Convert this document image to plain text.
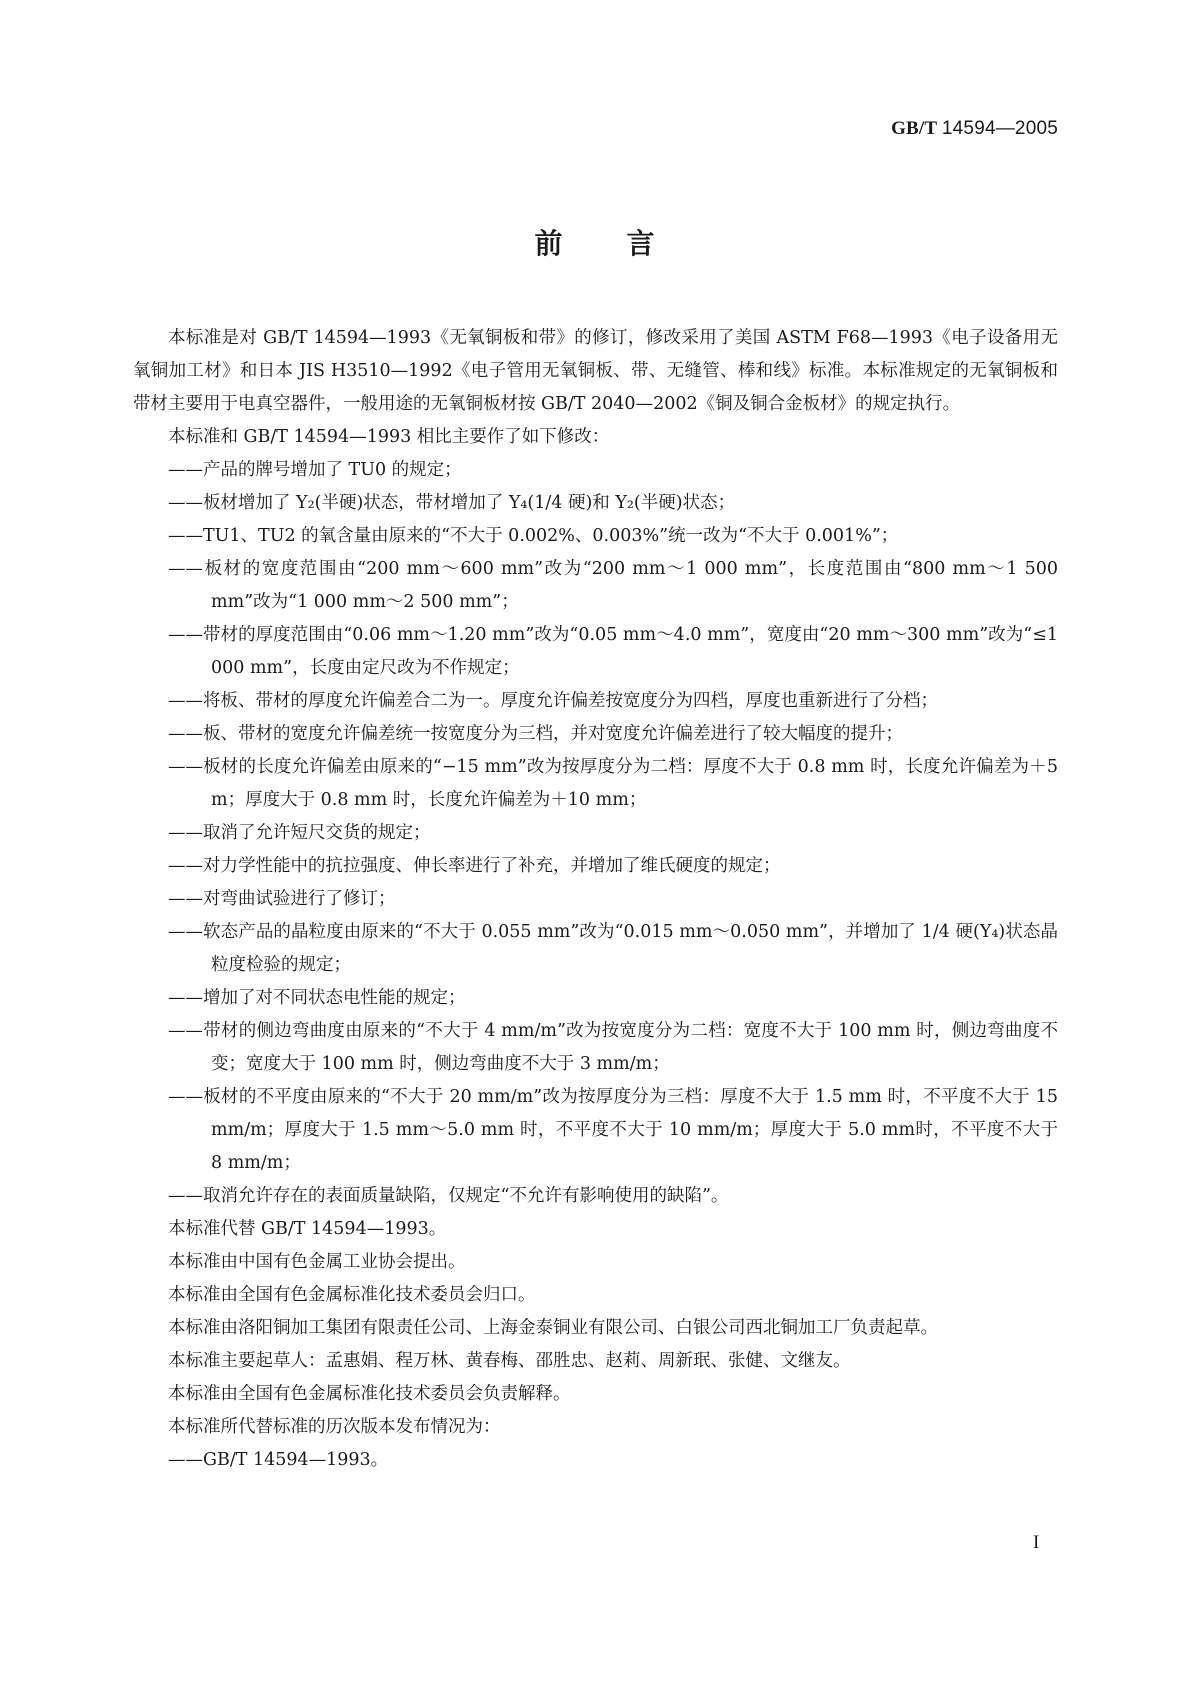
GB/T 14594—2005
前 言

本标准是对 GB/T 14594—1993《无氧铜板和带》的修订，修改采用了美国 ASTM F68—1993《电子设备用无氧铜加工材》和日本 JIS H3510—1992《电子管用无氧铜板、带、无缝管、棒和线》标准。本标准规定的无氧铜板和带材主要用于电真空器件，一般用途的无氧铜板材按 GB/T 2040—2002《铜及铜合金板材》的规定执行。

本标准和 GB/T 14594—1993 相比主要作了如下修改：

——产品的牌号增加了 TU0 的规定；

——板材增加了 Y₂(半硬)状态，带材增加了 Y₄(1/4 硬)和 Y₂(半硬)状态；

——TU1、TU2 的氧含量由原来的“不大于 0.002%、0.003%”统一改为“不大于 0.001%”；

——板材的宽度范围由“200 mm～600 mm”改为“200 mm～1 000 mm”，长度范围由“800 mm～1 500 mm”改为“1 000 mm～2 500 mm”；

——带材的厚度范围由“0.06 mm～1.20 mm”改为“0.05 mm～4.0 mm”，宽度由“20 mm～300 mm”改为“≤1 000 mm”，长度由定尺改为不作规定；

——将板、带材的厚度允许偏差合二为一。厚度允许偏差按宽度分为四档，厚度也重新进行了分档；

——板、带材的宽度允许偏差统一按宽度分为三档，并对宽度允许偏差进行了较大幅度的提升；

——板材的长度允许偏差由原来的“−15 mm”改为按厚度分为二档：厚度不大于 0.8 mm 时，长度允许偏差为＋5 m；厚度大于 0.8 mm 时，长度允许偏差为＋10 mm；

——取消了允许短尺交货的规定；

——对力学性能中的抗拉强度、伸长率进行了补充，并增加了维氏硬度的规定；

——对弯曲试验进行了修订；

——软态产品的晶粒度由原来的“不大于 0.055 mm”改为“0.015 mm～0.050 mm”，并增加了 1/4 硬(Y₄)状态晶粒度检验的规定；

——增加了对不同状态电性能的规定；

——带材的侧边弯曲度由原来的“不大于 4 mm/m”改为按宽度分为二档：宽度不大于 100 mm 时，侧边弯曲度不变；宽度大于 100 mm 时，侧边弯曲度不大于 3 mm/m；

——板材的不平度由原来的“不大于 20 mm/m”改为按厚度分为三档：厚度不大于 1.5 mm 时，不平度不大于 15 mm/m；厚度大于 1.5 mm～5.0 mm 时，不平度不大于 10 mm/m；厚度大于 5.0 mm时，不平度不大于 8 mm/m；

——取消允许存在的表面质量缺陷，仅规定“不允许有影响使用的缺陷”。

本标准代替 GB/T 14594—1993。

本标准由中国有色金属工业协会提出。

本标准由全国有色金属标准化技术委员会归口。

本标准由洛阳铜加工集团有限责任公司、上海金泰铜业有限公司、白银公司西北铜加工厂负责起草。

本标准主要起草人：孟惠娟、程万林、黄春梅、邵胜忠、赵莉、周新珉、张健、文继友。

本标准由全国有色金属标准化技术委员会负责解释。

本标准所代替标准的历次版本发布情况为：

——GB/T 14594—1993。

I
